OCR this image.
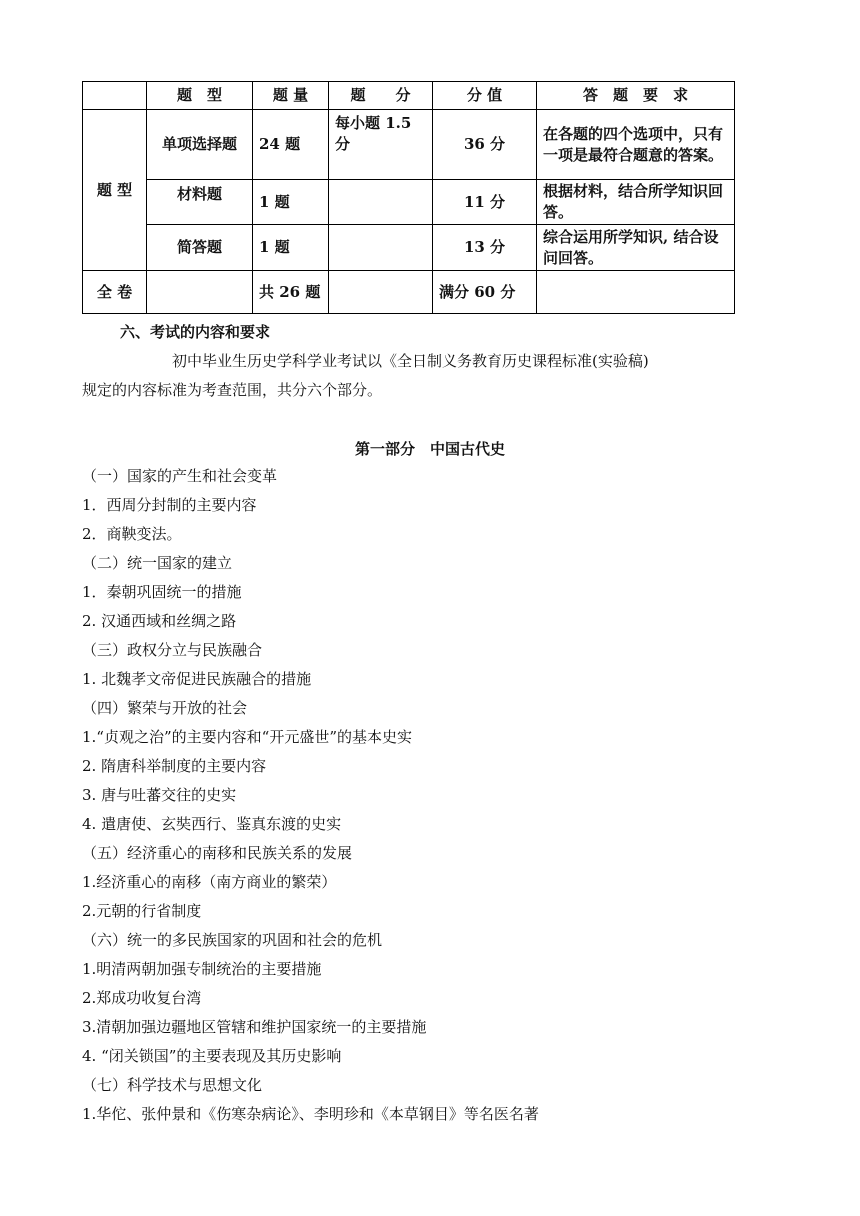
	题　型	题 量	题　　分	分 值	答　题　要　求
题 型	单项选择题	24 题	每小题 1.5 分	36 分	在各题的四个选项中，只有一项是最符合题意的答案。
	材料题	1 题		11 分	根据材料，结合所学知识回答。
	简答题	1 题		13 分	综合运用所学知识, 结合设问回答。
全 卷		共 26 题		满分 60 分	
六、考试的内容和要求
初中毕业生历史学科学业考试以《全日制义务教育历史课程标准(实验稿)
规定的内容标准为考查范围，共分六个部分。
第一部分　中国古代史
（一）国家的产生和社会变革
1．西周分封制的主要内容
2．商鞅变法。
（二）统一国家的建立
1．秦朝巩固统一的措施
2. 汉通西域和丝绸之路
（三）政权分立与民族融合
1. 北魏孝文帝促进民族融合的措施
（四）繁荣与开放的社会
1.“贞观之治”的主要内容和“开元盛世”的基本史实
2. 隋唐科举制度的主要内容
3. 唐与吐蕃交往的史实
4. 遣唐使、玄奘西行、鉴真东渡的史实
（五）经济重心的南移和民族关系的发展
1.经济重心的南移（南方商业的繁荣）
2.元朝的行省制度
（六）统一的多民族国家的巩固和社会的危机
1.明清两朝加强专制统治的主要措施
2.郑成功收复台湾
3.清朝加强边疆地区管辖和维护国家统一的主要措施
4. “闭关锁国”的主要表现及其历史影响
（七）科学技术与思想文化
1.华佗、张仲景和《伤寒杂病论》、李明珍和《本草钢目》等名医名著
